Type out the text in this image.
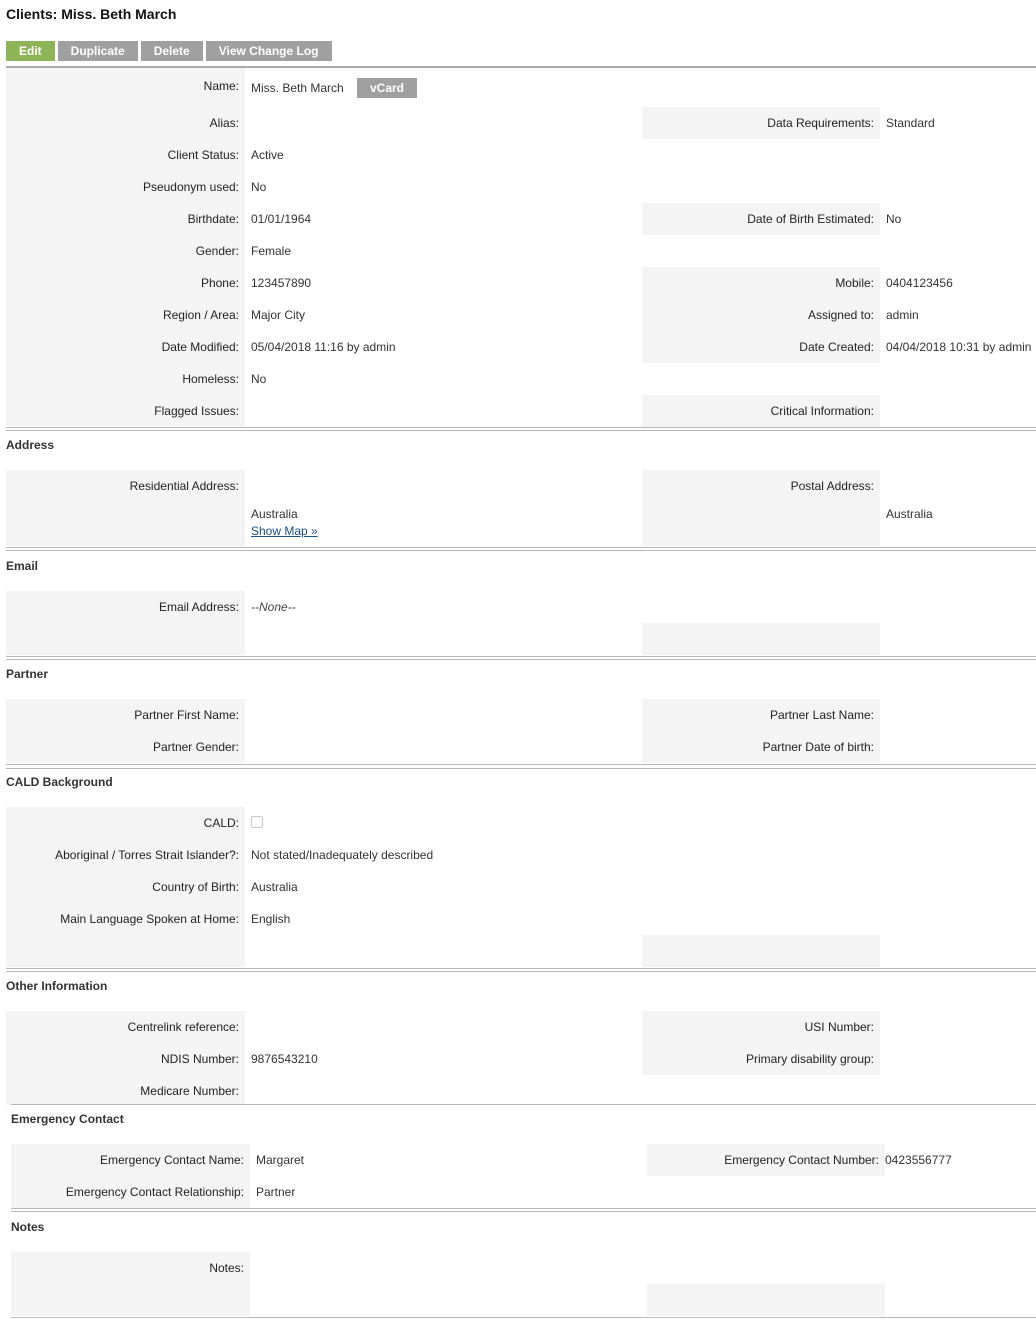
Clients: Miss. Beth March
Edit	Duplicate	Delete	View Change Log
Name: Miss. Beth March	vCard
Alias:	Data Requirements: Standard
Client Status: Active
Pseudonym used: No
Birthdate: 01/01/1964	Date of Birth Estimated: No
Gender: Female
Phone: 123457890	Mobile: 0404123456
Region / Area: Major City	Assigned to: admin
Date Modified: 05/04/2018 11:16 by admin	Date Created: 04/04/2018 10:31 by admin
Homeless: No
Flagged Issues:	Critical Information:
Address
Residential Address:
Australia
Show Map »
Postal Address:
Australia
Email
Email Address: --None--
Partner
Partner First Name:	Partner Last Name:
Partner Gender:	Partner Date of birth:
CALD Background
CALD:
Aboriginal / Torres Strait Islander?: Not stated/Inadequately described
Country of Birth: Australia
Main Language Spoken at Home: English
Other Information
Centrelink reference:	USI Number:
NDIS Number: 9876543210	Primary disability group:
Medicare Number:
Emergency Contact
Emergency Contact Name: Margaret	Emergency Contact Number: 0423556777
Emergency Contact Relationship: Partner
Notes
Notes:
